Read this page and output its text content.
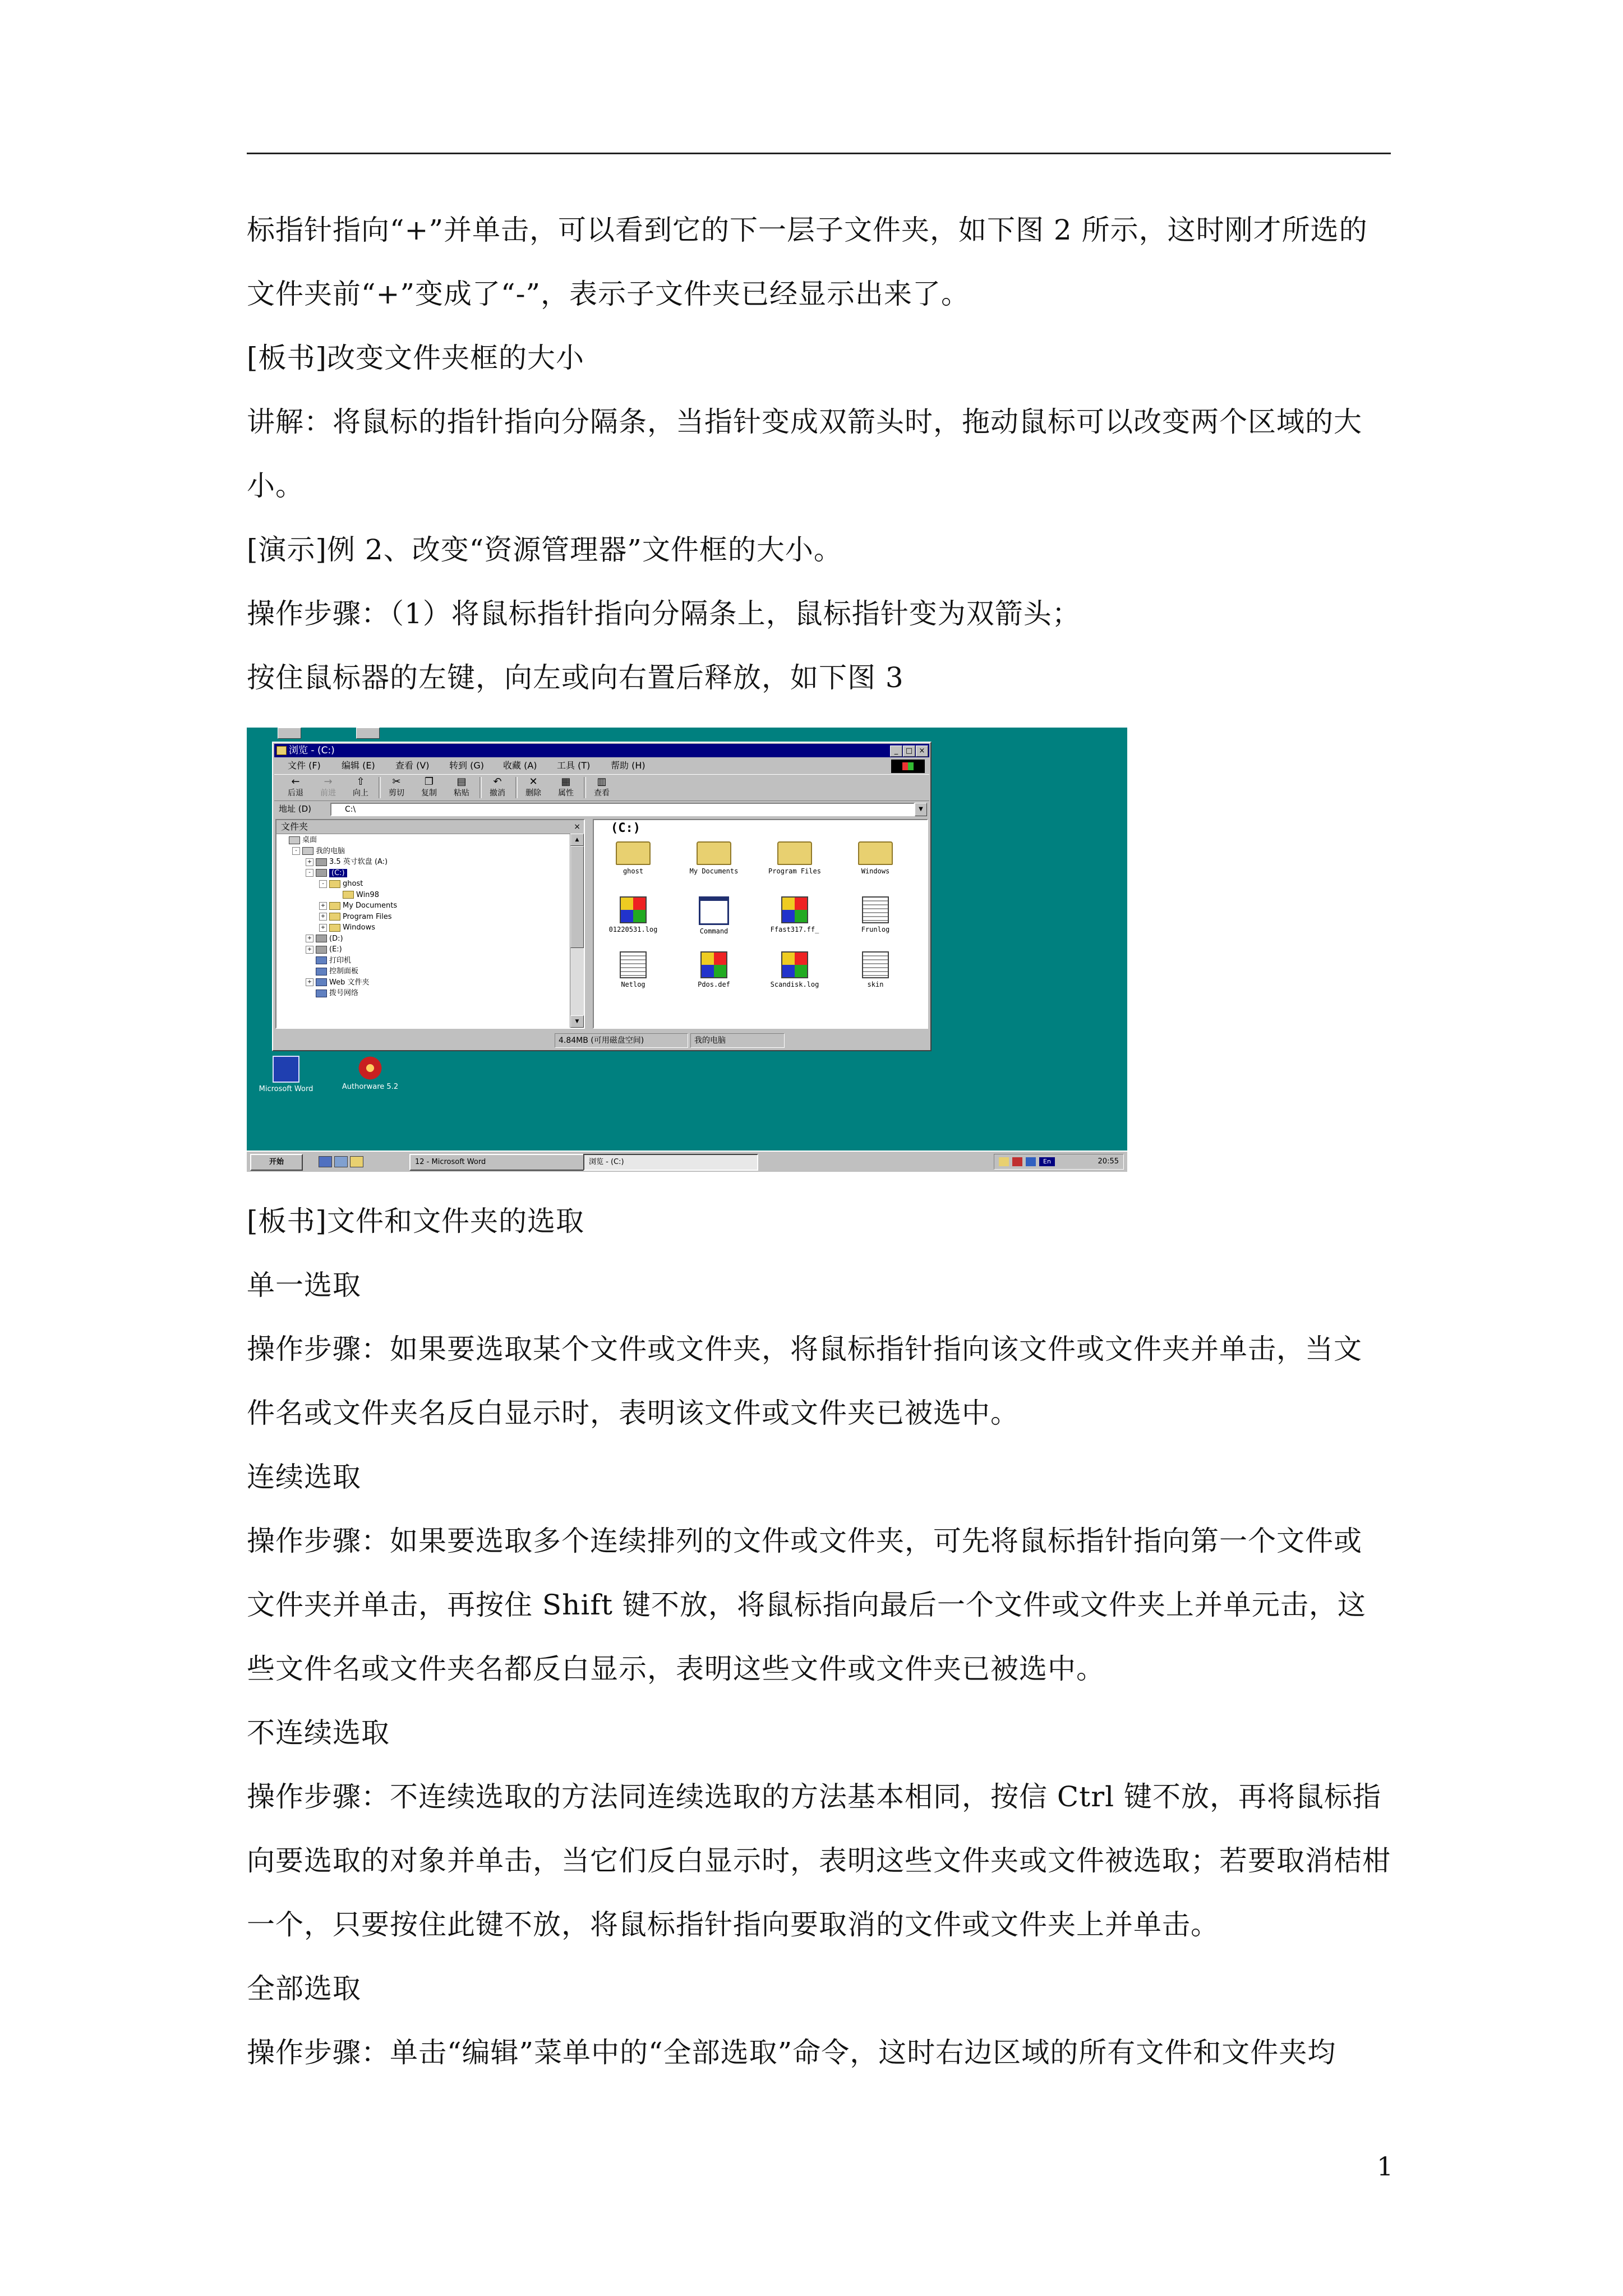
标指针指向“+”并单击，可以看到它的下一层子文件夹，如下图 2 所示，这时刚才所选的
文件夹前“+”变成了“-”，表示子文件夹已经显示出来了。
[板书]改变文件夹框的大小
讲解：将鼠标的指针指向分隔条，当指针变成双箭头时，拖动鼠标可以改变两个区域的大
小。
[演示]例 2、改变“资源管理器”文件框的大小。
操作步骤：（1）将鼠标指针指向分隔条上，鼠标指针变为双箭头；
按住鼠标器的左键，向左或向右置后释放，如下图 3
[板书]文件和文件夹的选取
单一选取
操作步骤：如果要选取某个文件或文件夹，将鼠标指针指向该文件或文件夹并单击，当文
件名或文件夹名反白显示时，表明该文件或文件夹已被选中。
连续选取
操作步骤：如果要选取多个连续排列的文件或文件夹，可先将鼠标指针指向第一个文件或
文件夹并单击，再按住 Shift 键不放，将鼠标指向最后一个文件或文件夹上并单元击，这
些文件名或文件夹名都反白显示，表明这些文件或文件夹已被选中。
不连续选取
操作步骤：不连续选取的方法同连续选取的方法基本相同，按信 Ctrl 键不放，再将鼠标指
向要选取的对象并单击，当它们反白显示时，表明这些文件夹或文件被选取；若要取消桔柑
一个，只要按住此键不放，将鼠标指针指向要取消的文件或文件夹上并单击。
全部选取
操作步骤：单击“编辑”菜单中的“全部选取”命令，这时右边区域的所有文件和文件夹均
浏览 - (C:)	_	□ ×
文件 (F) 编辑 (E) 查看 (V) 转到 (G) 收藏 (A) 工具 (T) 帮助 (H)
←
后退
→
前进
⇧
向上
✂
剪切
❐
复制
▤
粘贴
↶
撤消
✕
删除
▦
属性
▥
查看
地址 (D)	C:\	▼
文件夹	×
桌面
-	我的电脑
+ 3.5 英寸软盘 (A:)
-	(C:)
-	ghost
Win98
+ My Documents
+ Program Files
+ Windows
+ (D:)
+ (E:)
打印机
控制面板
+ Web 文件夹
拨号网络
▲
▼
(C:)
ghost	My Documents	Program Files	Windows
01220531.log	Command	Ffast317.ff_	Frunlog
Netlog	Pdos.def	Scandisk.log	skin
4.84MB (可用磁盘空间)	我的电脑
Microsoft Word	Authorware 5.2
开始	12 - Microsoft Word	浏览 - (C:)	En	20:55
1
